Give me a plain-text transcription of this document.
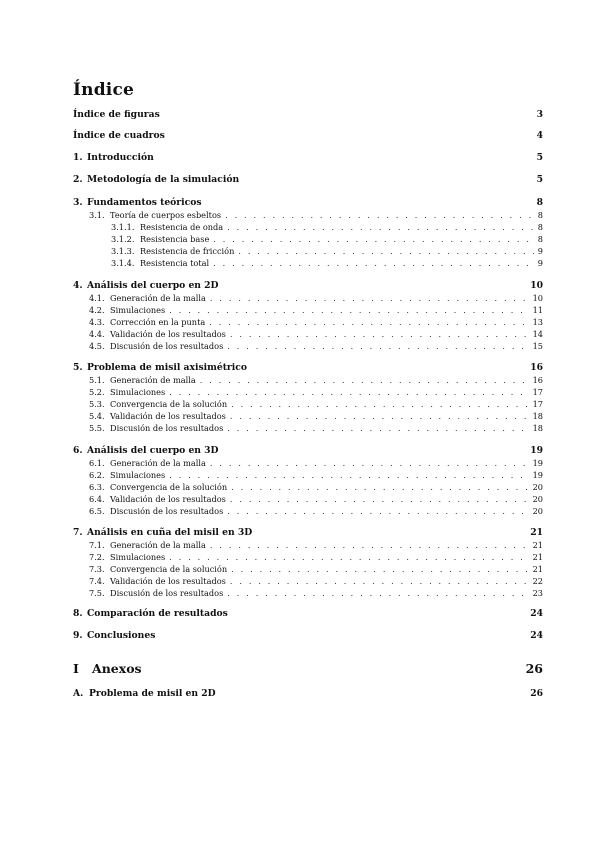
Índice
Índice de figuras	3
Índice de cuadros	4
1. Introducción	5
2. Metodología de la simulación	5
3. Fundamentos teóricos	8
3.1. Teoría de cuerpos esbeltos . . .	8
3.1.1. Resistencia de onda . . .	8
3.1.2. Resistencia base . . .	8
3.1.3. Resistencia de fricción . . .	9
3.1.4. Resistencia total . . .	9
4. Análisis del cuerpo en 2D	10
4.1. Generación de la malla . . .	10
4.2. Simulaciones . . .	11
4.3. Corrección en la punta . . .	13
4.4. Validación de los resultados . . .	14
4.5. Discusión de los resultados . . .	15
5. Problema de misil axisimétrico	16
5.1. Generación de malla . . .	16
5.2. Simulaciones . . .	17
5.3. Convergencia de la solución . . .	17
5.4. Validación de los resultados . . .	18
5.5. Discusión de los resultados . . .	18
6. Análisis del cuerpo en 3D	19
6.1. Generación de la malla . . .	19
6.2. Simulaciones . . .	19
6.3. Convergencia de la solución . . .	20
6.4. Validación de los resultados . . .	20
6.5. Discusión de los resultados . . .	20
7. Análisis en cuña del misil en 3D	21
7.1. Generación de la malla . . .	21
7.2. Simulaciones . . .	21
7.3. Convergencia de la solución . . .	21
7.4. Validación de los resultados . . .	22
7.5. Discusión de los resultados . . .	23
8. Comparación de resultados	24
9. Conclusiones	24
I	Anexos	26
A. Problema de misil en 2D	26
